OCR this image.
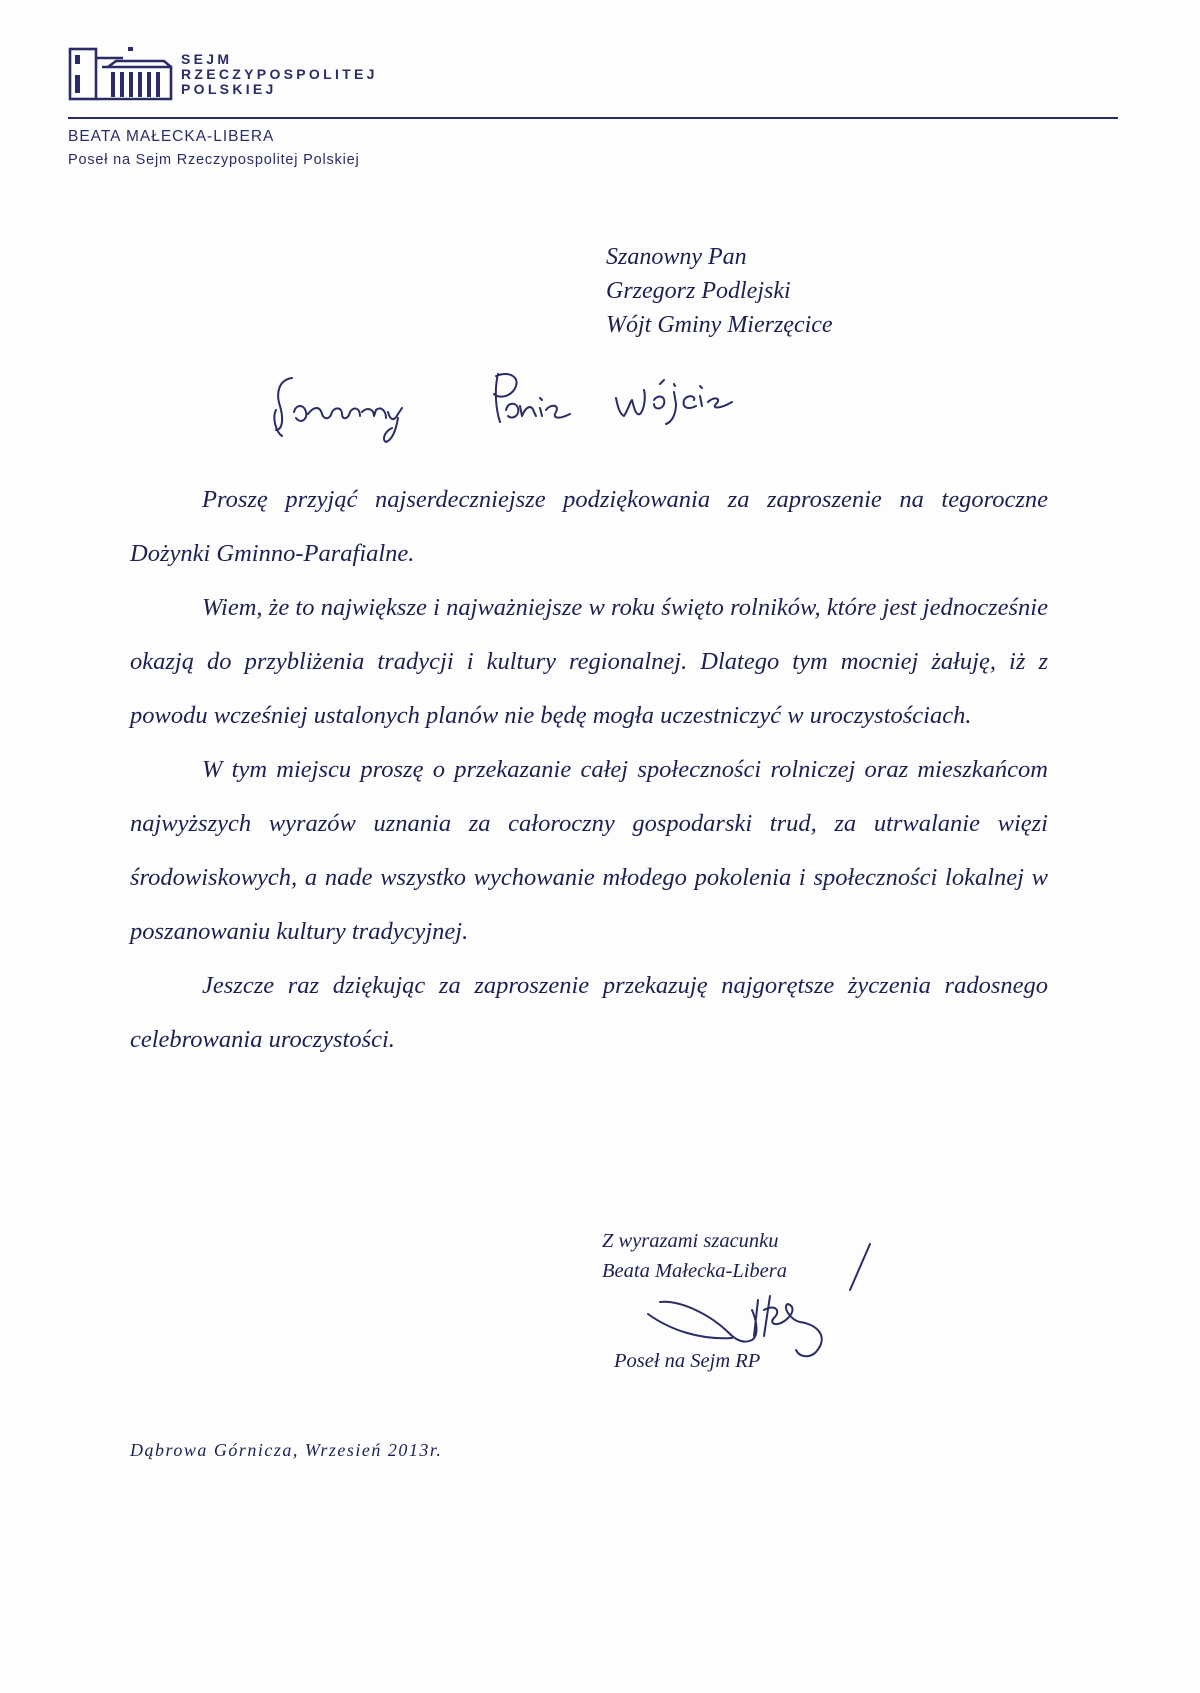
SEJM
RZECZYPOSPOLITEJ
POLSKIEJ
BEATA MAŁECKA-LIBERA
Poseł na Sejm Rzeczypospolitej Polskiej
Szanowny Pan
Grzegorz Podlejski
Wójt Gminy Mierzęcice

Proszę przyjąć najserdeczniejsze podziękowania za zaproszenie na tegoroczne Dożynki Gminno-Parafialne.

Wiem, że to największe i najważniejsze w roku święto rolników, które jest jednocześnie okazją do przybliżenia tradycji i kultury regionalnej. Dlatego tym mocniej żałuję, iż z powodu wcześniej ustalonych planów nie będę mogła uczestniczyć w uroczystościach.

W tym miejscu proszę o przekazanie całej społeczności rolniczej oraz mieszkańcom najwyższych wyrazów uznania za całoroczny gospodarski trud, za utrwalanie więzi środowiskowych, a nade wszystko wychowanie młodego pokolenia i społeczności lokalnej w poszanowaniu kultury tradycyjnej.

Jeszcze raz dziękując za zaproszenie przekazuję najgorętsze życzenia radosnego celebrowania uroczystości.

Z wyrazami szacunku
Beata Małecka-Libera
Poseł na Sejm RP
Dąbrowa Górnicza, Wrzesień 2013r.
